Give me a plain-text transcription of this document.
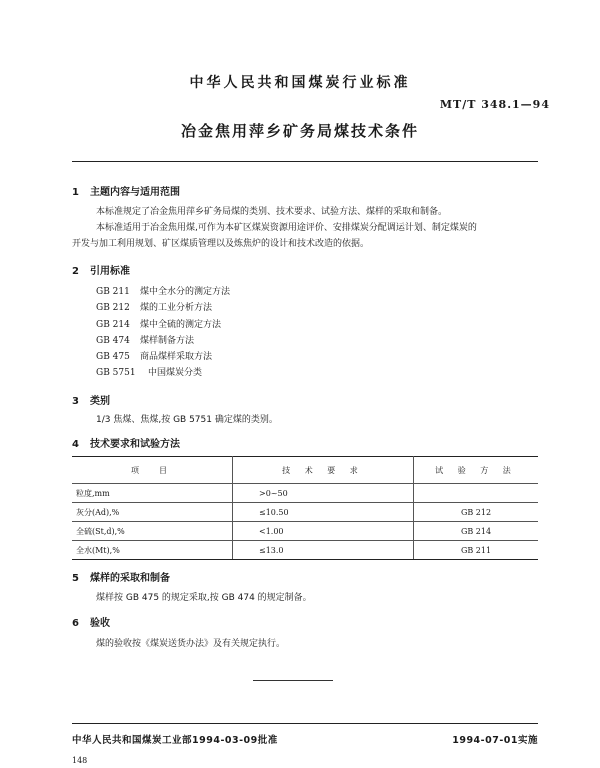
中华人民共和国煤炭行业标准
MT/T 348.1—94
冶金焦用萍乡矿务局煤技术条件
1 主题内容与适用范围
本标准规定了冶金焦用萍乡矿务局煤的类别、技术要求、试验方法、煤样的采取和制备。
本标准适用于冶金焦用煤,可作为本矿区煤炭资源用途评价、安排煤炭分配调运计划、制定煤炭的
开发与加工利用规划、矿区煤质管理以及炼焦炉的设计和技术改造的依据。
2 引用标准
GB 211 煤中全水分的测定方法
GB 212 煤的工业分析方法
GB 214 煤中全硫的测定方法
GB 474 煤样制备方法
GB 475 商品煤样采取方法
GB 5751 中国煤炭分类
3 类别
1/3 焦煤、焦煤,按 GB 5751 确定煤的类别。
4 技术要求和试验方法
项　目	技 术 要 求	试 验 方 法
粒度,mm	>0~50	
灰分(Ad),%	≤10.50	GB 212
全硫(St,d),%	<1.00	GB 214
全水(Mt),%	≤13.0	GB 211
5 煤样的采取和制备
煤样按 GB 475 的规定采取,按 GB 474 的规定制备。
6 验收
煤的验收按《煤炭送货办法》及有关规定执行。
中华人民共和国煤炭工业部1994-03-09批准	1994-07-01实施
148
